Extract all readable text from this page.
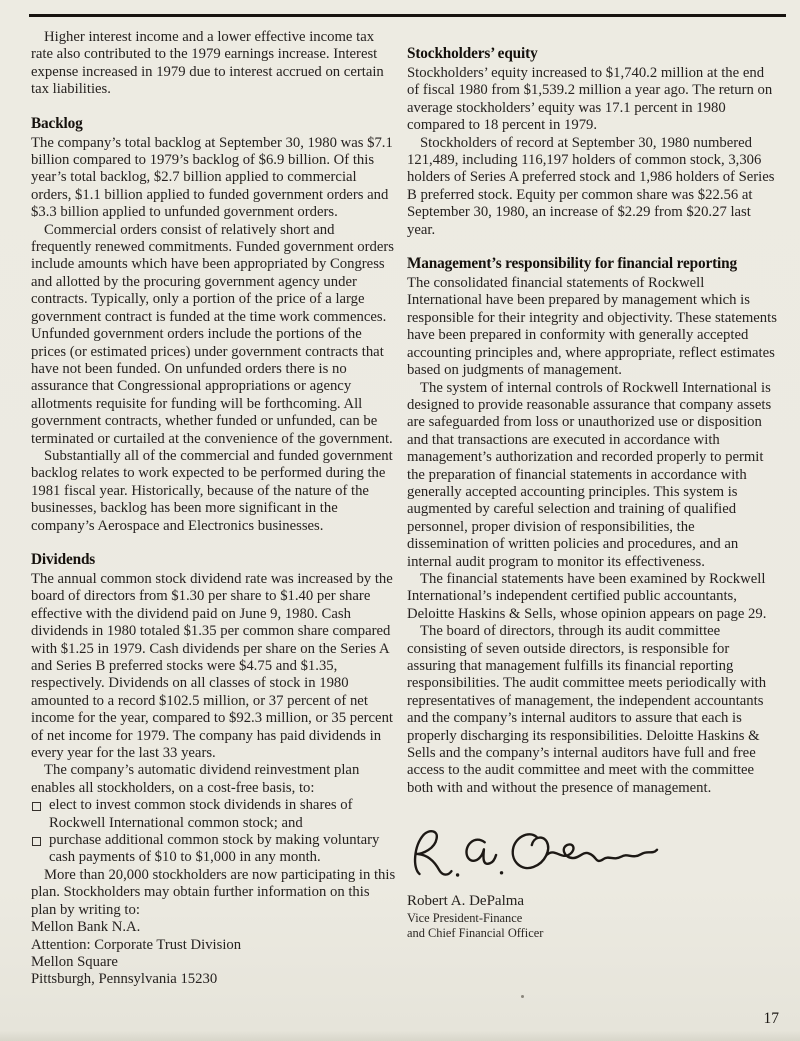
Higher interest income and a lower effective income tax rate also contributed to the 1979 earnings increase. Interest expense increased in 1979 due to interest accrued on certain tax liabilities.

Backlog

The company’s total backlog at September 30, 1980 was $7.1 billion compared to 1979’s backlog of $6.9 billion. Of this year’s total backlog, $2.7 billion applied to commercial orders, $1.1 billion applied to funded government orders and $3.3 billion applied to unfunded government orders.

Commercial orders consist of relatively short and frequently renewed commitments. Funded government orders include amounts which have been appropriated by Congress and allotted by the procuring government agency under contracts. Typically, only a portion of the price of a large government contract is funded at the time work commences. Unfunded government orders include the portions of the prices (or estimated prices) under government contracts that have not been funded. On unfunded orders there is no assurance that Congressional appropriations or agency allotments requisite for funding will be forthcoming. All government contracts, whether funded or unfunded, can be terminated or curtailed at the convenience of the government.

Substantially all of the commercial and funded government backlog relates to work expected to be performed during the 1981 fiscal year. Historically, because of the nature of the businesses, backlog has been more significant in the company’s Aerospace and Electronics businesses.

Dividends

The annual common stock dividend rate was increased by the board of directors from $1.30 per share to $1.40 per share effective with the dividend paid on June 9, 1980. Cash dividends in 1980 totaled $1.35 per common share compared with $1.25 in 1979. Cash dividends per share on the Series A and Series B preferred stocks were $4.75 and $1.35, respectively. Dividends on all classes of stock in 1980 amounted to a record $102.5 million, or 37 percent of net income for the year, compared to $92.3 million, or 35 percent of net income for 1979. The company has paid dividends in every year for the last 33 years.

The company’s automatic dividend reinvestment plan enables all stockholders, on a cost-free basis, to:

elect to invest common stock dividends in shares of Rockwell International common stock; and
purchase additional common stock by making voluntary cash payments of $10 to $1,000 in any month.

More than 20,000 stockholders are now participating in this plan. Stockholders may obtain further information on this plan by writing to:

Mellon Bank N.A.
Attention: Corporate Trust Division
Mellon Square
Pittsburgh, Pennsylvania 15230
Stockholders’ equity

Stockholders’ equity increased to $1,740.2 million at the end of fiscal 1980 from $1,539.2 million a year ago. The return on average stockholders’ equity was 17.1 percent in 1980 compared to 18 percent in 1979.

Stockholders of record at September 30, 1980 numbered 121,489, including 116,197 holders of common stock, 3,306 holders of Series A preferred stock and 1,986 holders of Series B preferred stock. Equity per common share was $22.56 at September 30, 1980, an increase of $2.29 from $20.27 last year.

Management’s responsibility for financial reporting

The consolidated financial statements of Rockwell International have been prepared by management which is responsible for their integrity and objectivity. These statements have been prepared in conformity with generally accepted accounting principles and, where appropriate, reflect estimates based on judgments of management.

The system of internal controls of Rockwell International is designed to provide reasonable assurance that company assets are safeguarded from loss or unauthorized use or disposition and that transactions are executed in accordance with management’s authorization and recorded properly to permit the preparation of financial statements in accordance with generally accepted accounting principles. This system is augmented by careful selection and training of qualified personnel, proper division of responsibilities, the dissemination of written policies and procedures, and an internal audit program to monitor its effectiveness.

The financial statements have been examined by Rockwell International’s independent certified public accountants, Deloitte Haskins & Sells, whose opinion appears on page 29.

The board of directors, through its audit committee consisting of seven outside directors, is responsible for assuring that management fulfills its financial reporting responsibilities. The audit committee meets periodically with representatives of management, the independent accountants and the company’s internal auditors to assure that each is properly discharging its responsibilities. Deloitte Haskins & Sells and the company’s internal auditors have full and free access to the audit committee and meet with the committee both with and without the presence of management.

Robert A. DePalma
Vice President-Finance
and Chief Financial Officer
17
